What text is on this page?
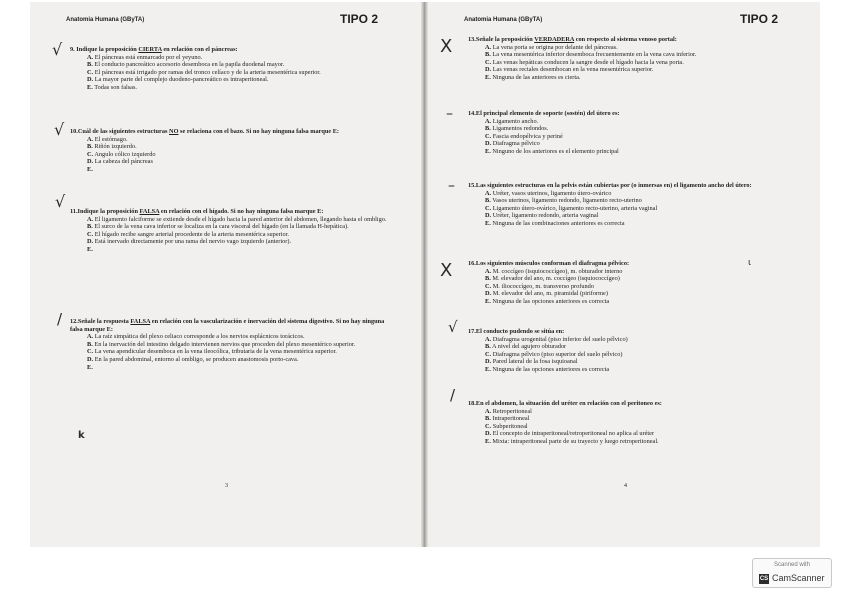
Anatomia Humana (GByTA)	TIPO 2
√
√
√
/
k
3
9. Indique la proposición CIERTA en relación con el páncreas:
A. El páncreas está enmarcado por el yeyuno.
B. El conducto pancreático accesorio desemboca en la papila duodenal mayor.
C. El páncreas está irrigado por ramas del tronco celíaco y de la arteria mesentérica superior.
D. La mayor parte del complejo duodeno-pancreático es intraperitoneal.
E. Todas son falsas.
10.Cuál de las siguientes estructuras NO se relaciona con el bazo. Si no hay ninguna falsa marque E:
A. El estómago.
B. Riñón izquierdo.
C. Angulo cólico izquierdo
D. La cabeza del páncreas
E.
11.Indique la proposición FALSA en relación con el hígado. Si no hay ninguna falsa marque E:
A. El ligamento falciforme se extiende desde el hígado hacia la pared anterior del abdomen, llegando hasta el ombligo.
B. El surco de la vena cava inferior se localiza en la cara visceral del hígado (en la llamada H-hepática).
C. El hígado recibe sangre arterial procedente de la arteria mesentérica superior.
D. Está inervado directamente por una rama del nervio vago izquierdo (anterior).
E.
12.Señale la respuesta FALSA en relación con la vascularización e inervación del sistema digestivo. Si no hay ninguna falsa marque E:
A. La raíz simpática del plexo celiaco corresponde a los nervios esplácnicos torácicos.
B. En la inervación del intestino delgado intervienen nervios que proceden del plexo mesentérico superior.
C. La vena apendicular desemboca en la vena ileocólica, tributaria de la vena mesentérica superior.
D. En la pared abdominal, entorno al ombligo, se producen anastomosis porto-cava.
E.
Anatomia Humana (GByTA)	TIPO 2
X
–
–
X
√
/
ι
4
13.Señale la proposición VERDADERA con respecto al sistema venoso portal:
A. La vena porta se origina por delante del páncreas.
B. La vena mesentérica inferior desemboca frecuentemente en la vena cava inferior.
C. Las venas hepáticas conducen la sangre desde el hígado hacia la vena porta.
D. Las venas rectales desembocan en la vena mesentérica superior.
E. Ninguna de las anteriores es cierta.
14.El principal elemento de soporte (sostén) del útero es:
A. Ligamento ancho.
B. Ligamentos redondos.
C. Fascia endopélvica y periné
D. Diafragma pélvico
E. Ninguno de los anteriores es el elemento principal
15.Las siguientes estructuras en la pelvis están cubiertas por (o inmersas en) el ligamento ancho del útero:
A. Uréter, vasos uterinos, ligamento útero-ovárico
B. Vasos uterinos, ligamento redondo, ligamento recto-uterino
C. Ligamento útero-ovárico, ligamento recto-uterino, arteria vaginal
D. Uréter, ligamento redondo, arteria vaginal
E. Ninguna de las combinaciones anteriores es correcta
16.Los siguientes músculos conforman el diafragma pélvico:
A. M. coccígeo (isquiococcígeo), m. obturador interno
B. M. elevador del ano, m. coccígeo (isquiococcígeo)
C. M. iliococcígeo, m. transverso profundo
D. M. elevador del ano, m. piramidal (piriforme)
E. Ninguna de las opciones anteriores es correcta
17.El conducto pudendo se sitúa en:
A. Diafragma urogenital (piso inferior del suelo pélvico)
B. A nivel del agujero obturador
C. Diafragma pélvico (piso superior del suelo pélvico)
D. Pared lateral de la fosa isquioanal
E. Ninguna de las opciones anteriores es correcta
18.En el abdomen, la situación del uréter en relación con el peritoneo es:
A. Retroperitoneal
B. Intraperitoneal
C. Subperitoneal
D. El concepto de intraperitoneal/retroperitoneal no aplica al uréter
E. Mixta: intraperitoneal parte de su trayecto y luego retroperitoneal.
Scanned with
CS CamScanner
